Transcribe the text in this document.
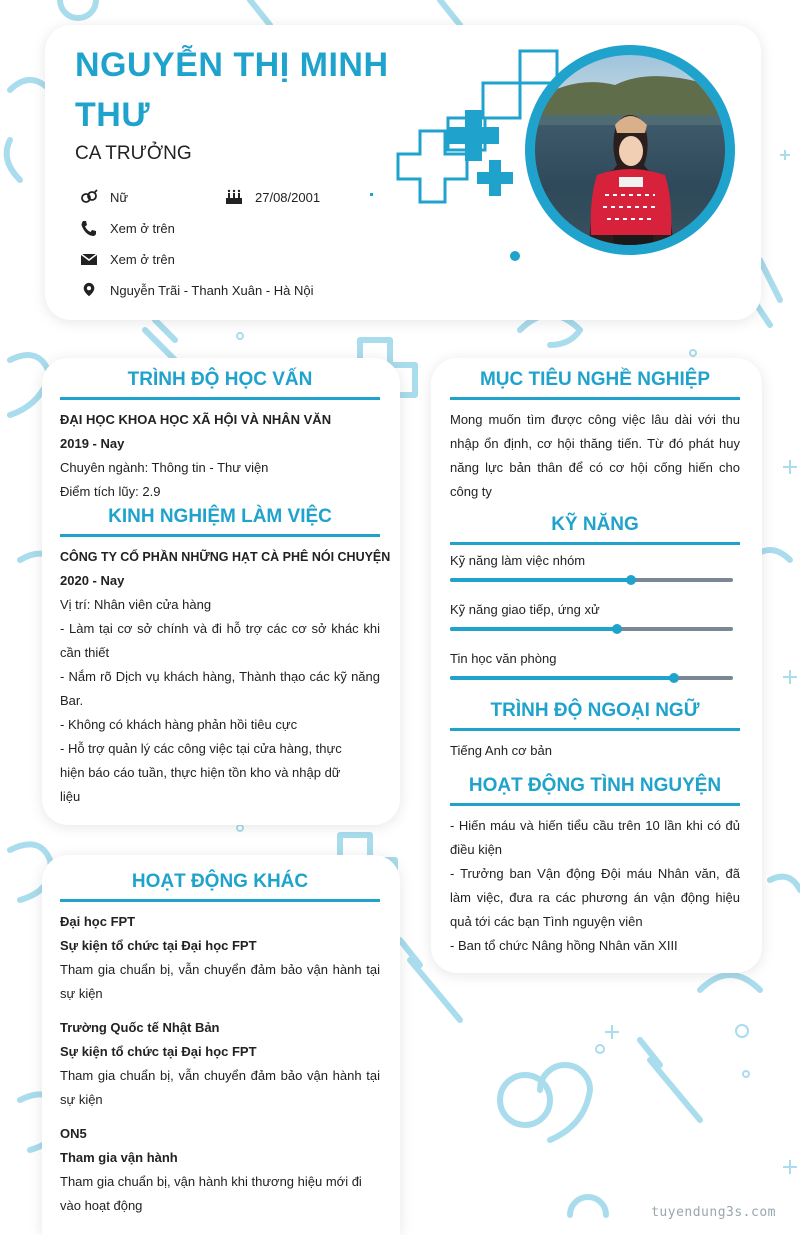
NGUYỄN THỊ MINH THƯ
CA TRƯỞNG
Nữ	27/08/2001
Xem ở trên
Xem ở trên
Nguyễn Trãi - Thanh Xuân - Hà Nội
TRÌNH ĐỘ HỌC VẤN
ĐẠI HỌC KHOA HỌC XÃ HỘI VÀ NHÂN VĂN
2019 - Nay
Chuyên ngành: Thông tin - Thư viện
Điểm tích lũy: 2.9
KINH NGHIỆM LÀM VIỆC
CÔNG TY CỔ PHẦN NHỮNG HẠT CÀ PHÊ NÓI CHUYỆN
2020 - Nay
Vị trí: Nhân viên cửa hàng
- Làm tại cơ sở chính và đi hỗ trợ các cơ sở khác khi cần thiết
- Nắm rõ Dịch vụ khách hàng, Thành thạo các kỹ năng Bar.
- Không có khách hàng phản hồi tiêu cực
- Hỗ trợ quản lý các công việc tại cửa hàng, thực hiện báo cáo tuần, thực hiện tồn kho và nhập dữ liệu
HOẠT ĐỘNG KHÁC
Đại học FPT
Sự kiện tổ chức tại Đại học FPT
Tham gia chuẩn bị, vẫn chuyển đảm bảo vận hành tại sự kiện
Trường Quốc tế Nhật Bản
Sự kiện tổ chức tại Đại học FPT
Tham gia chuẩn bị, vẫn chuyển đảm bảo vận hành tại sự kiện
ON5
Tham gia vận hành
Tham gia chuẩn bị, vận hành khi thương hiệu mới đi vào hoạt động
MỤC TIÊU NGHỀ NGHIỆP
Mong muốn tìm được công việc lâu dài với thu nhập ổn định, cơ hội thăng tiến. Từ đó phát huy năng lực bản thân để có cơ hội cống hiến cho công ty
KỸ NĂNG
Kỹ năng làm việc nhóm
Kỹ năng giao tiếp, ứng xử
Tin học văn phòng
TRÌNH ĐỘ NGOẠI NGỮ
Tiếng Anh cơ bản
HOẠT ĐỘNG TÌNH NGUYỆN
- Hiến máu và hiến tiểu cầu trên 10 lần khi có đủ điều kiện
- Trưởng ban Vận động Đội máu Nhân văn, đã làm việc, đưa ra các phương án vận động hiệu quả tới các bạn Tình nguyện viên
- Ban tổ chức Nâng hồng Nhân văn XIII
tuyendung3s.com
